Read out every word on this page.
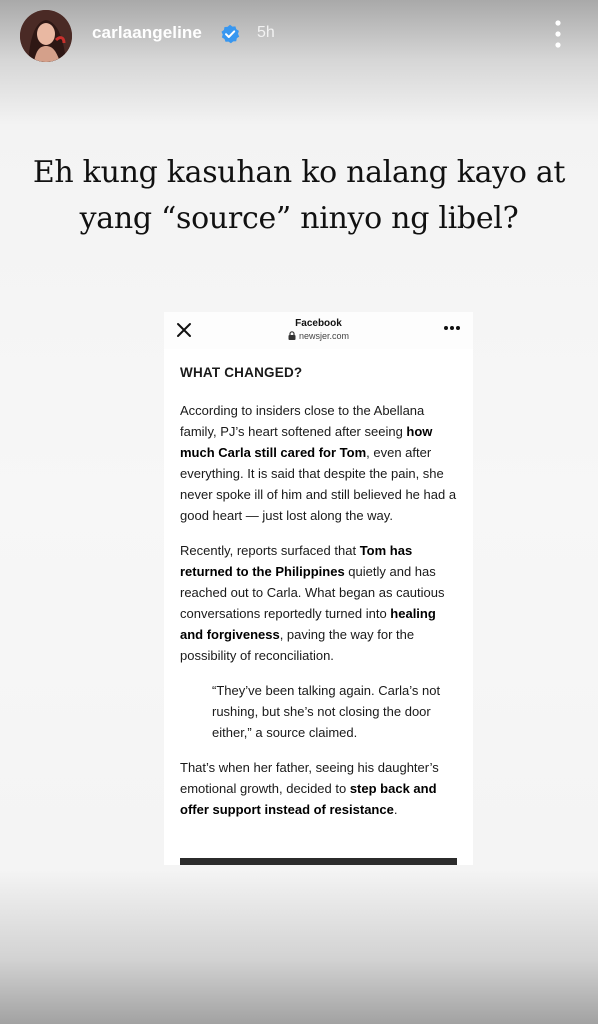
carlaangeline	5h
Eh kung kasuhan ko nalang kayo at
yang “source” ninyo ng libel?
Facebook
newsjer.com
WHAT CHANGED?

According to insiders close to the Abellana family, PJ’s heart softened after seeing how much Carla still cared for Tom, even after everything. It is said that despite the pain, she never spoke ill of him and still believed he had a good heart — just lost along the way.

Recently, reports surfaced that Tom has returned to the Philippines quietly and has reached out to Carla. What began as cautious conversations reportedly turned into healing and forgiveness, paving the way for the possibility of reconciliation.

“They’ve been talking again. Carla’s not rushing, but she’s not closing the door either,” a source claimed.

That’s when her father, seeing his daughter’s emotional growth, decided to step back and offer support instead of resistance.
